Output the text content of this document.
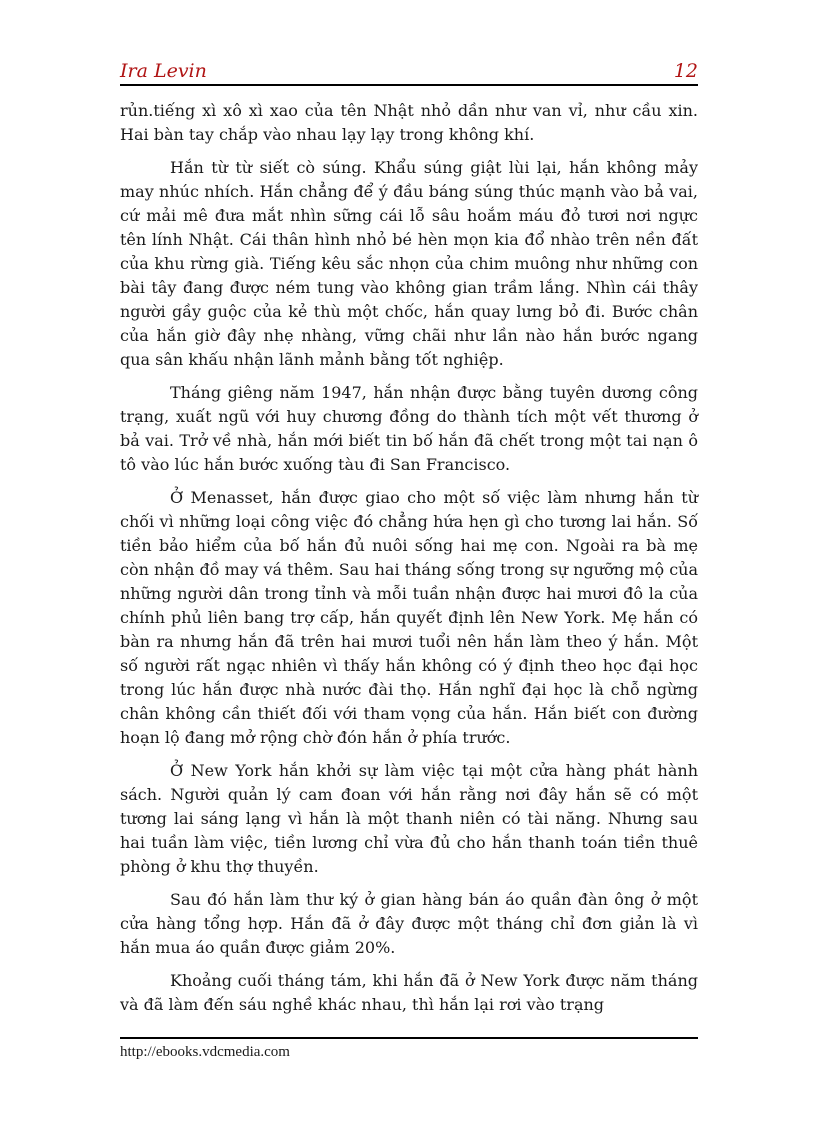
Ira Levin	12

rủn.tiếng xì xô xì xao của tên Nhật nhỏ dần như van vỉ, như cầu xin. Hai bàn tay chắp vào nhau lạy lạy trong không khí.

Hắn từ từ siết cò súng. Khẩu súng giật lùi lại, hắn không mảy may nhúc nhích. Hắn chẳng để ý đầu báng súng thúc mạnh vào bả vai, cứ mải mê đưa mắt nhìn sững cái lỗ sâu hoắm máu đỏ tươi nơi ngực tên lính Nhật. Cái thân hình nhỏ bé hèn mọn kia đổ nhào trên nền đất của khu rừng già. Tiếng kêu sắc nhọn của chim muông như những con bài tây đang được ném tung vào không gian trầm lắng. Nhìn cái thây người gầy guộc của kẻ thù một chốc, hắn quay lưng bỏ đi. Bước chân của hắn giờ đây nhẹ nhàng, vững chãi như lần nào hắn bước ngang qua sân khấu nhận lãnh mảnh bằng tốt nghiệp.

Tháng giêng năm 1947, hắn nhận được bằng tuyên dương công trạng, xuất ngũ với huy chương đồng do thành tích một vết thương ở bả vai. Trở về nhà, hắn mới biết tin bố hắn đã chết trong một tai nạn ô tô vào lúc hắn bước xuống tàu đi San Francisco.

Ở Menasset, hắn được giao cho một số việc làm nhưng hắn từ chối vì những loại công việc đó chẳng hứa hẹn gì cho tương lai hắn. Số tiền bảo hiểm của bố hắn đủ nuôi sống hai mẹ con. Ngoài ra bà mẹ còn nhận đồ may vá thêm. Sau hai tháng sống trong sự ngưỡng mộ của những người dân trong tỉnh và mỗi tuần nhận được hai mươi đô la của chính phủ liên bang trợ cấp, hắn quyết định lên New York. Mẹ hắn có bàn ra nhưng hắn đã trên hai mươi tuổi nên hắn làm theo ý hắn. Một số người rất ngạc nhiên vì thấy hắn không có ý định theo học đại học trong lúc hắn được nhà nước đài thọ. Hắn nghĩ đại học là chỗ ngừng chân không cần thiết đối với tham vọng của hắn. Hắn biết con đường hoạn lộ đang mở rộng chờ đón hắn ở phía trước.

Ở New York hắn khởi sự làm việc tại một cửa hàng phát hành sách. Người quản lý cam đoan với hắn rằng nơi đây hắn sẽ có một tương lai sáng lạng vì hắn là một thanh niên có tài năng. Nhưng sau hai tuần làm việc, tiền lương chỉ vừa đủ cho hắn thanh toán tiền thuê phòng ở khu thợ thuyền.

Sau đó hắn làm thư ký ở gian hàng bán áo quần đàn ông ở một cửa hàng tổng hợp. Hắn đã ở đây được một tháng chỉ đơn giản là vì hắn mua áo quần được giảm 20%.

Khoảng cuối tháng tám, khi hắn đã ở New York được năm tháng và đã làm đến sáu nghề khác nhau, thì hắn lại rơi vào trạng

http://ebooks.vdcmedia.com
